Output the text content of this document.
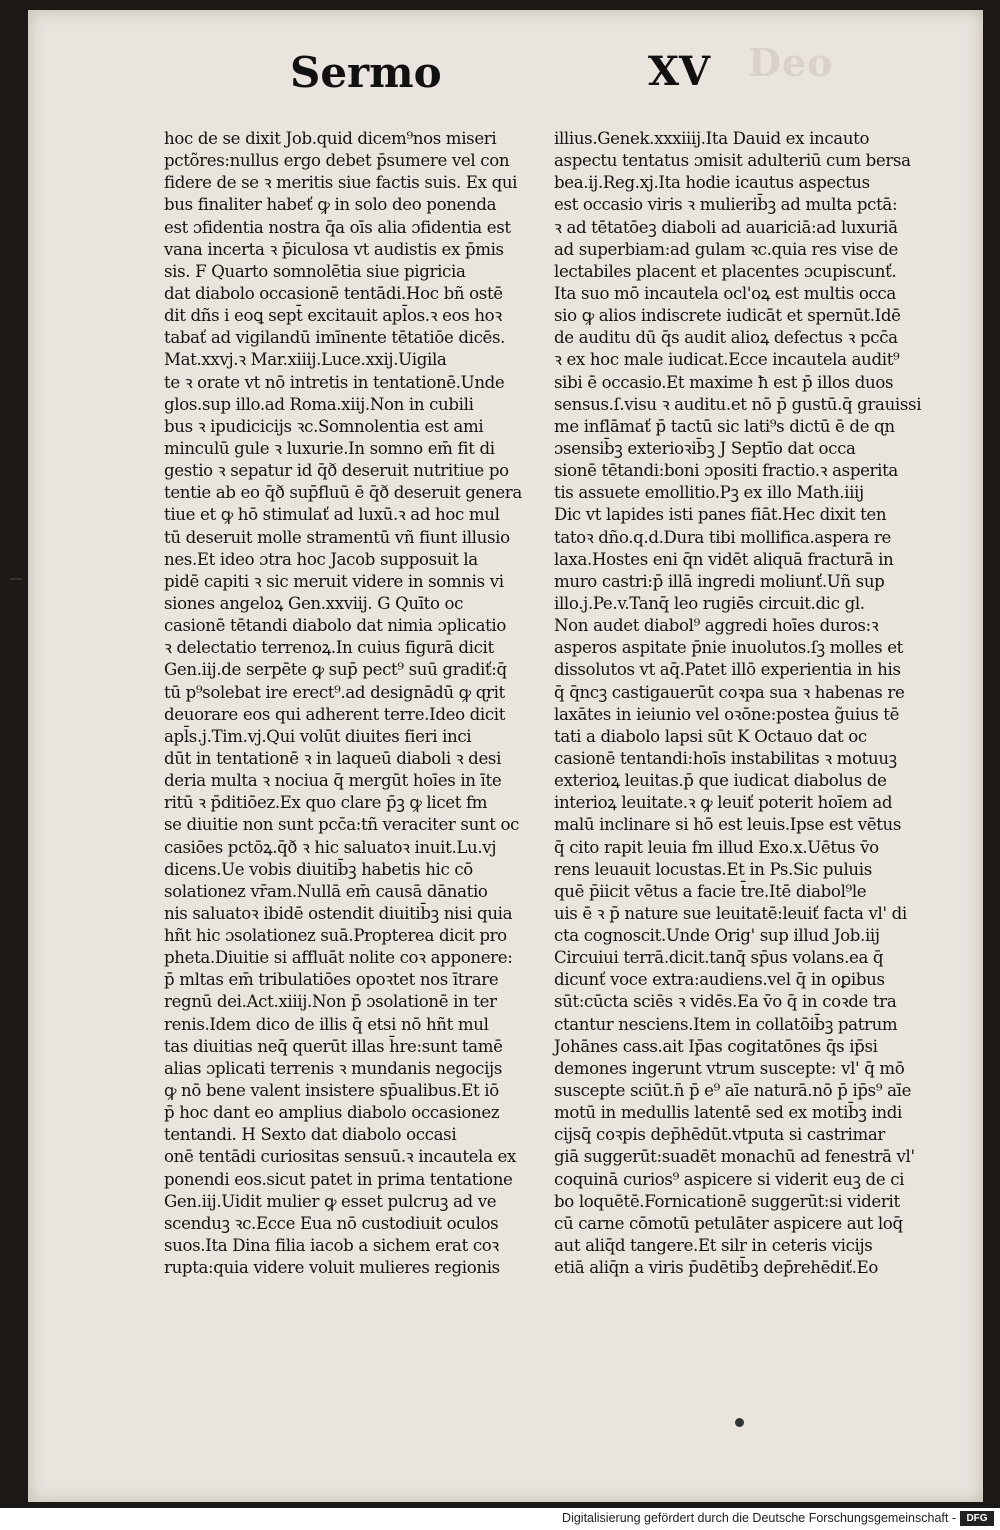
Deo
Sermo	XV
hoc de se dixit Job.quid dicem⁹nos miseri
pctõres:nullus ergo debet p̄sumere vel con
fidere de se ꝛ meritis siue factis suis. Ex qui
bus finaliter habeť ꝙ in solo deo ponenda
est ɔfidentia nostra q̄a oīs alia ɔfidentia est
vana incerta ꝛ p̄iculosa vt audistis ex p̄mis
sis. F Quarto somnolētia siue pigricia
dat diabolo occasionē tentādi.Hoc bñ ostē
dit dñs i eoꝗ sept̄ excitauit apl̄os.ꝛ eos hoꝛ
tabať ad vigilandū imīnente tētatiōe dicēs.
Mat.xxvj.ꝛ Mar.xiiij.Luce.xxij.Uigila
te ꝛ orate vt nō intretis in tentationē.Unde
glos.sup illo.ad Roma.xiij.Non in cubili
bus ꝛ ipudicicijs ꝛc.Somnolentia est ami
minculū gule ꝛ luxurie.In somno em̄ fit di
gestio ꝛ sepatur id q̄ð deseruit nutritiue po
tentie ab eo q̄ð sup̄fluū ē q̄ð deseruit genera
tiue et ꝙ hō stimulať ad luxū.ꝛ ad hoc mul
tū deseruit molle stramentū vñ fiunt illusio
nes.Et ideo ɔtra hoc Jacob supposuit la
pidē capiti ꝛ sic meruit videre in somnis vi
siones angeloꝝ Gen.xxviij. G Quīto oc
casionē tētandi diabolo dat nimia ɔplicatio
ꝛ delectatio terrenoꝝ.In cuius figurā dicit
Gen.iij.de serpēte ꝙ sup̄ pect⁹ suū gradiť:q̄
tū p⁹solebat ire erect⁹.ad designādū ꝙ ɋrit
deuorare eos qui adherent terre.Ideo dicit
apl̄s.j.Tim.vj.Qui volūt diuites fieri inci
dūt in tentationē ꝛ in laqueū diaboli ꝛ desi
deria multa ꝛ nociua q̄ mergūt hoīes in īte
ritū ꝛ p̄ditiōez.Ex quo clare p̄ꝫ ꝙ licet fm
se diuitie non sunt pcc̄a:tñ veraciter sunt oc
casiōes pctōꝝ.q̄ð ꝛ hic saluatoꝛ inuit.Lu.vj
dicens.Ue vobis diuitib̄ꝫ habetis hic cō
solationez vr̄am.Nullā em̄ causā dānatio
nis saluatoꝛ ibidē ostendit diuitib̄ꝫ nisi quia
hñt hic ɔsolationez suā.Propterea dicit pro
pheta.Diuitie si affluāt nolite coꝛ apponere:
p̄ mltas em̄ tribulatiōes opoꝛtet nos ītrare
regnū dei.Act.xiiij.Non p̄ ɔsolationē in ter
renis.Idem dico de illis q̄ etsi nō hñt mul
tas diuitias neq̄ querūt illas h̄re:sunt tamē
alias ɔplicati terrenis ꝛ mundanis negocijs
ꝙ nō bene valent insistere sp̄ualibus.Et iō
p̄ hoc dant eo amplius diabolo occasionez
tentandi. H Sexto dat diabolo occasi
onē tentādi curiositas sensuū.ꝛ incautela ex
ponendi eos.sicut patet in prima tentatione
Gen.iij.Uidit mulier ꝙ esset pulcruꝫ ad ve
scenduꝫ ꝛc.Ecce Eua nō custodiuit oculos
suos.Ita Dina filia iacob a sichem erat coꝛ
rupta:quia videre voluit mulieres regionis
illius.Genek.xxxiiij.Ita Dauid ex incauto
aspectu tentatus ɔmisit adulteriū cum bersa
bea.ij.Reg.xj.Ita hodie icautus aspectus
est occasio viris ꝛ mulierib̄ꝫ ad multa pctā:
ꝛ ad tētatōeꝫ diaboli ad auariciā:ad luxuriā
ad superbiam:ad gulam ꝛc.quia res vise de
lectabiles placent et placentes ɔcupiscunť.
Ita suo mō incautela ocl'oꝝ est multis occa
sio ꝙ alios indiscrete iudicāt et spernūt.Idē
de auditu dū q̄s audit alioꝝ defectus ꝛ pcc̄a
ꝛ ex hoc male iudicat.Ecce incautela audit⁹
sibi ē occasio.Et maxime ħ est p̄ illos duos
sensus.ſ.visu ꝛ auditu.et nō p̄ gustū.q̄ grauissi
me inflāmať p̄ tactū sic lati⁹s dictū ē de ɋn
ɔsensib̄ꝫ exterioꝛib̄ꝫ J Septīo dat occa
sionē tētandi:boni ɔpositi fractio.ꝛ asperita
tis assuete emollitio.Pꝫ ex illo Math.iiij
Dic vt lapides isti panes fiāt.Hec dixit ten
tatoꝛ dño.q.d.Dura tibi mollifica.aspera re
laxa.Hostes eni q̄n vidēt aliquā fracturā in
muro castri:p̄ illā ingredi moliunť.Uñ sup
illo.j.Pe.v.Tanq̄ leo rugiēs circuit.dic gl.
Non audet diabol⁹ aggredi hoīes duros:ꝛ
asperos aspitate p̄nie inuolutos.ſꝫ molles et
dissolutos vt aq̄.Patet illō experientia in his
q̄ q̄ncꝫ castigauerūt coꝛpa sua ꝛ habenas re
laxātes in ieiunio vel oꝛōne:postea g̃uius tē
tati a diabolo lapsi sūt K Octauo dat oc
casionē tentandi:hoīs instabilitas ꝛ motuuꝫ
exterioꝝ leuitas.p̄ que iudicat diabolus de
interioꝝ leuitate.ꝛ ꝙ leuiť poterit hoīem ad
malū inclinare si hō est leuis.Ipse est vētus
q̄ cito rapit leuia fm illud Exo.x.Uētus v̄o
rens leuauit locustas.Et in Ps.Sic puluis
quē p̄iicit vētus a facie t̄re.Itē diabol⁹le
uis ē ꝛ p̄ nature sue leuitatē:leuiť facta vl' di
cta cognoscit.Unde Orig' sup illud Job.iij
Circuiui terrā.dicit.tanq̄ sp̄us volans.ea q̄
dicunť voce extra:audiens.vel q̄ in oꝑibus
sūt:cūcta sciēs ꝛ vidēs.Ea v̄o q̄ in coꝛde tra
ctantur nesciens.Item in collatōib̄ꝫ patrum
Johānes cass.ait Ip̄as cogitatōnes q̄s ip̄si
demones ingerunt vtrum suscepte: vl' q̄ mō
suscepte sciūt.n̄ p̄ e⁹ aīe naturā.nō p̄ ip̄s⁹ aīe
motū in medullis latentē sed ex motib̄ꝫ indi
cijsq̄ coꝛpis dep̄hēdūt.vtputa si castrimar
giā suggerūt:suadēt monachū ad fenestrā vl'
coquinā curios⁹ aspicere si viderit euꝫ de ci
bo loquētē.Fornicationē suggerūt:si viderit
cū carne cōmotū petulāter aspicere aut loq̄
aut aliq̄d tangere.Et silr in ceteris vicijs
etiā aliq̄n a viris p̄udētib̄ꝫ dep̄rehēdiť.Eo
Digitalisierung gefördert durch die Deutsche Forschungsgemeinschaft -	DFG
